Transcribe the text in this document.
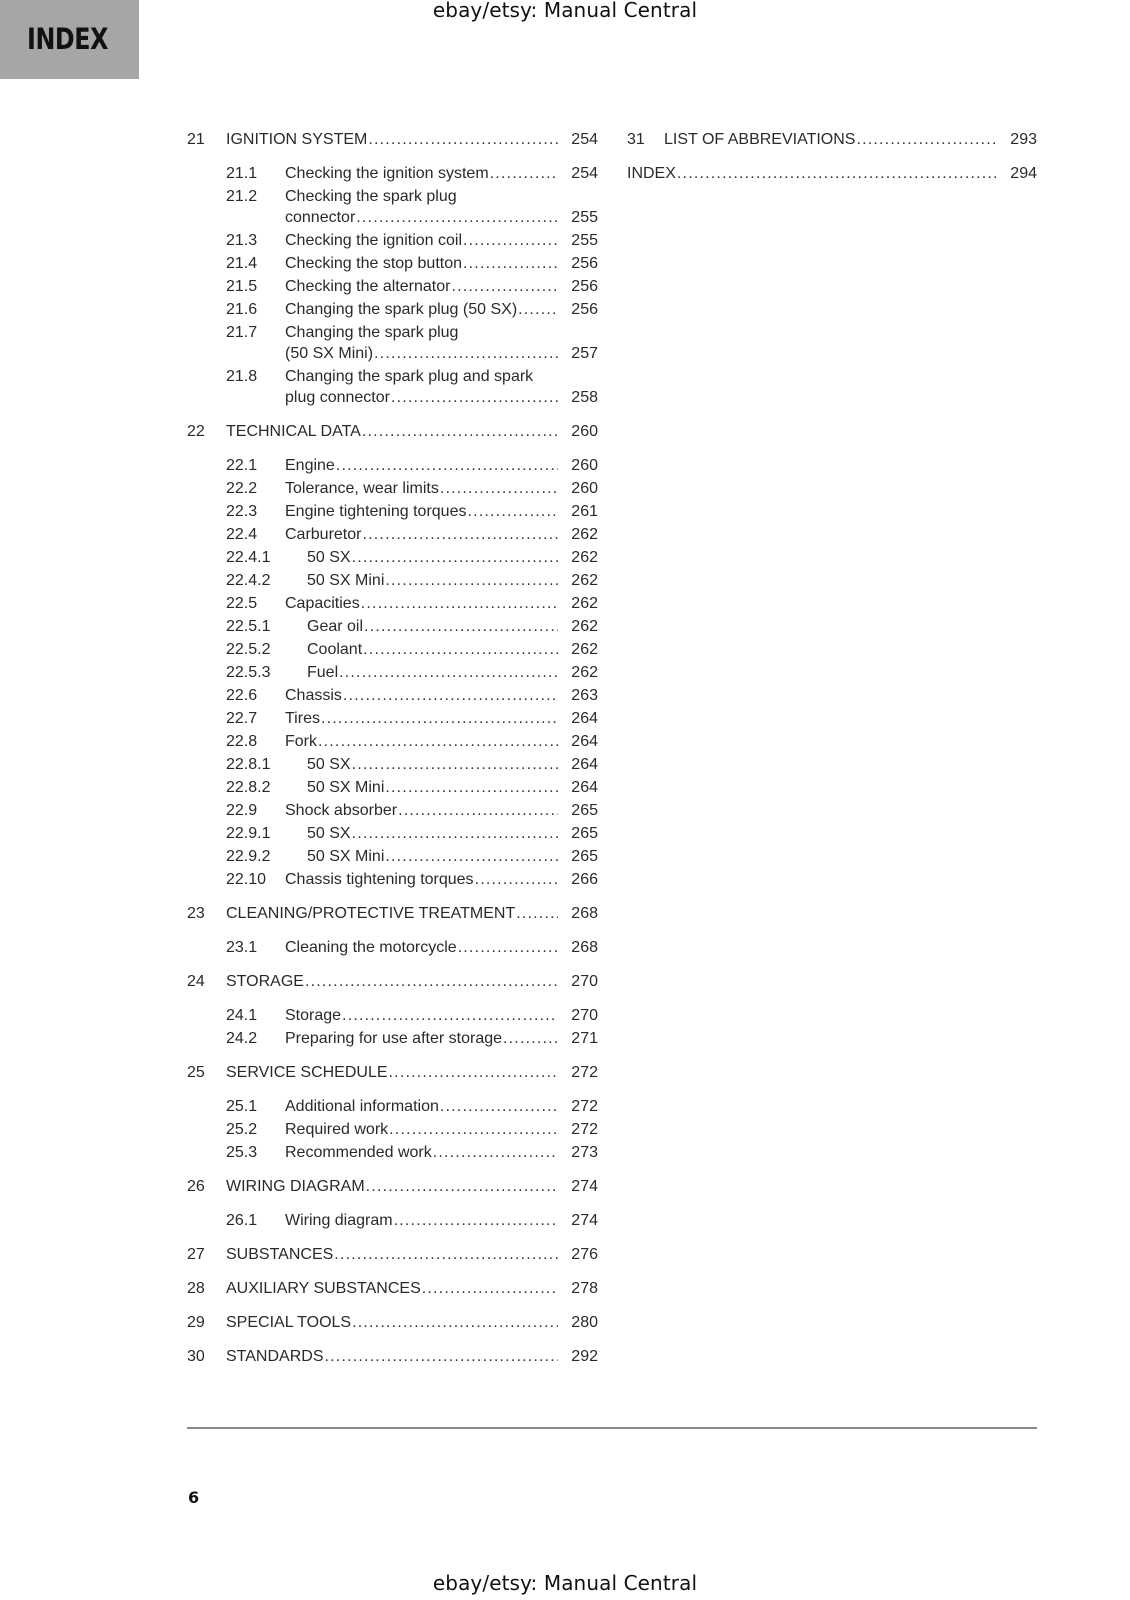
ebay/etsy: Manual Central
INDEX
21	IGNITION SYSTEM .....	254
21.1	Checking the ignition system .....	254
21.2	Checking the spark plug
connector .....	255
21.3	Checking the ignition coil .....	255
21.4	Checking the stop button .....	256
21.5	Checking the alternator .....	256
21.6	Changing the spark plug (50 SX) .....	256
21.7	Changing the spark plug
(50 SX Mini) .....	257
21.8	Changing the spark plug and spark
plug connector .....	258
22	TECHNICAL DATA .....	260
22.1	Engine .....	260
22.2	Tolerance, wear limits .....	260
22.3	Engine tightening torques .....	261
22.4	Carburetor .....	262
22.4.1	50 SX .....	262
22.4.2	50 SX Mini .....	262
22.5	Capacities .....	262
22.5.1	Gear oil .....	262
22.5.2	Coolant .....	262
22.5.3	Fuel .....	262
22.6	Chassis .....	263
22.7	Tires .....	264
22.8	Fork .....	264
22.8.1	50 SX .....	264
22.8.2	50 SX Mini .....	264
22.9	Shock absorber .....	265
22.9.1	50 SX .....	265
22.9.2	50 SX Mini .....	265
22.10	Chassis tightening torques .....	266
23	CLEANING/PROTECTIVE TREATMENT .....	268
23.1	Cleaning the motorcycle .....	268
24	STORAGE .....	270
24.1	Storage .....	270
24.2	Preparing for use after storage .....	271
25	SERVICE SCHEDULE .....	272
25.1	Additional information .....	272
25.2	Required work .....	272
25.3	Recommended work .....	273
26	WIRING DIAGRAM .....	274
26.1	Wiring diagram .....	274
27	SUBSTANCES .....	276
28	AUXILIARY SUBSTANCES .....	278
29	SPECIAL TOOLS .....	280
30	STANDARDS .....	292
31	LIST OF ABBREVIATIONS .....	293
INDEX .....	294
6
ebay/etsy: Manual Central
